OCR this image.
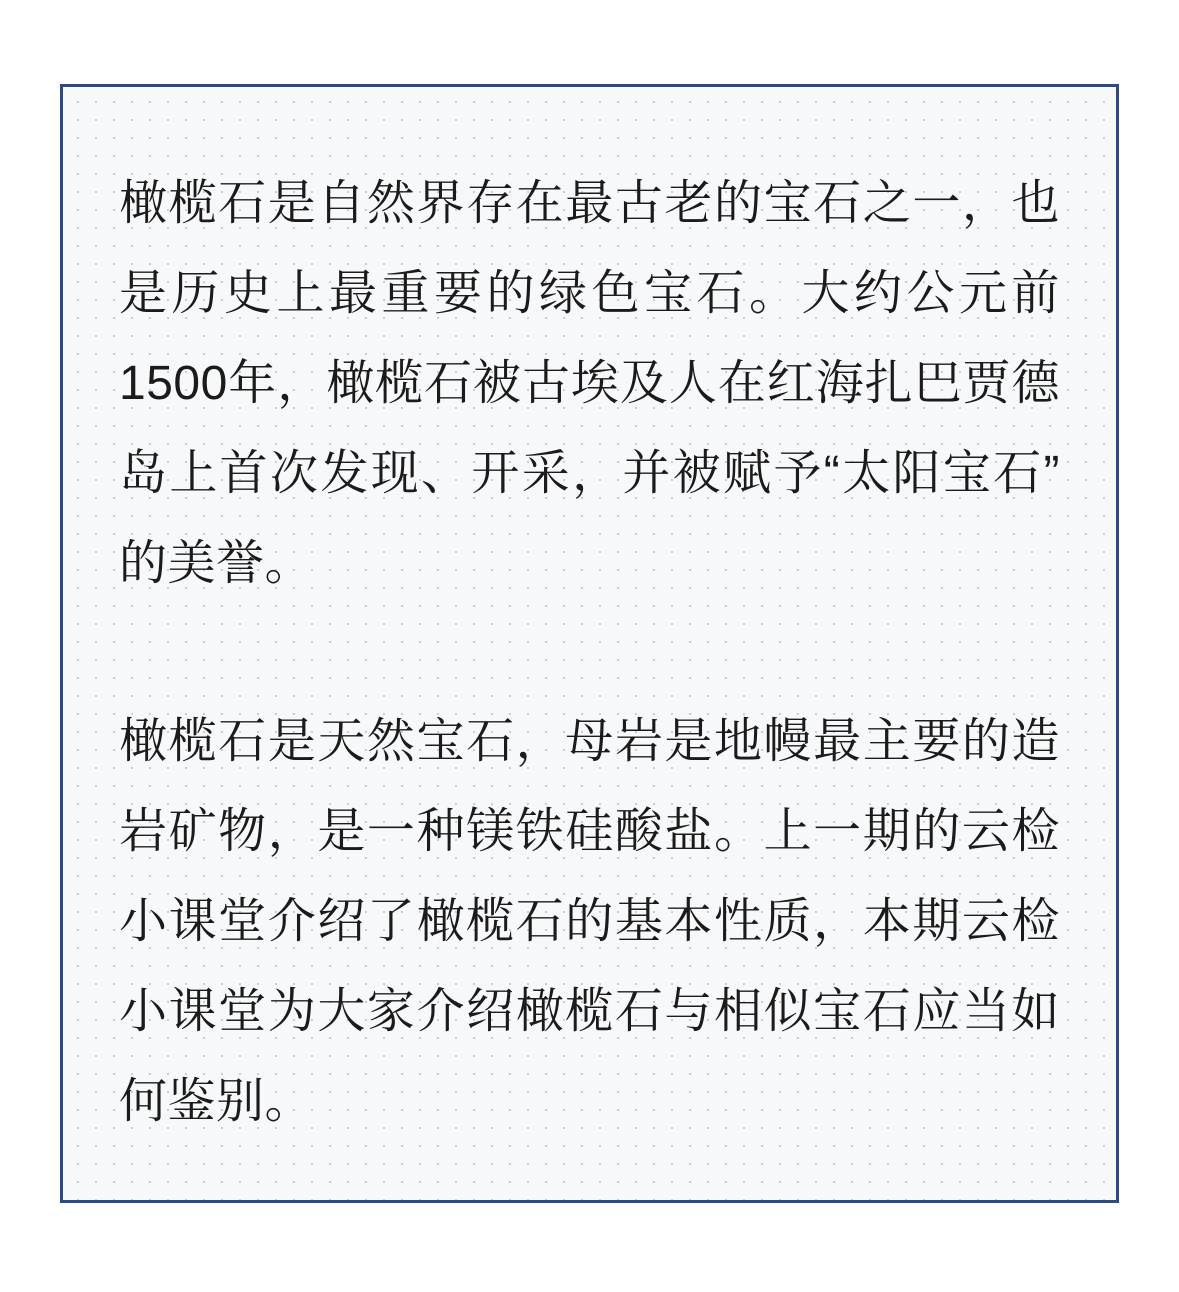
橄榄石是自然界存在最古老的宝石之一，也是历史上最重要的绿色宝石。大约公元前1500年，橄榄石被古埃及人在红海扎巴贾德岛上首次发现、开采，并被赋予“太阳宝石”的美誉。

橄榄石是天然宝石，母岩是地幔最主要的造岩矿物，是一种镁铁硅酸盐。上一期的云检小课堂介绍了橄榄石的基本性质，本期云检小课堂为大家介绍橄榄石与相似宝石应当如何鉴别。
